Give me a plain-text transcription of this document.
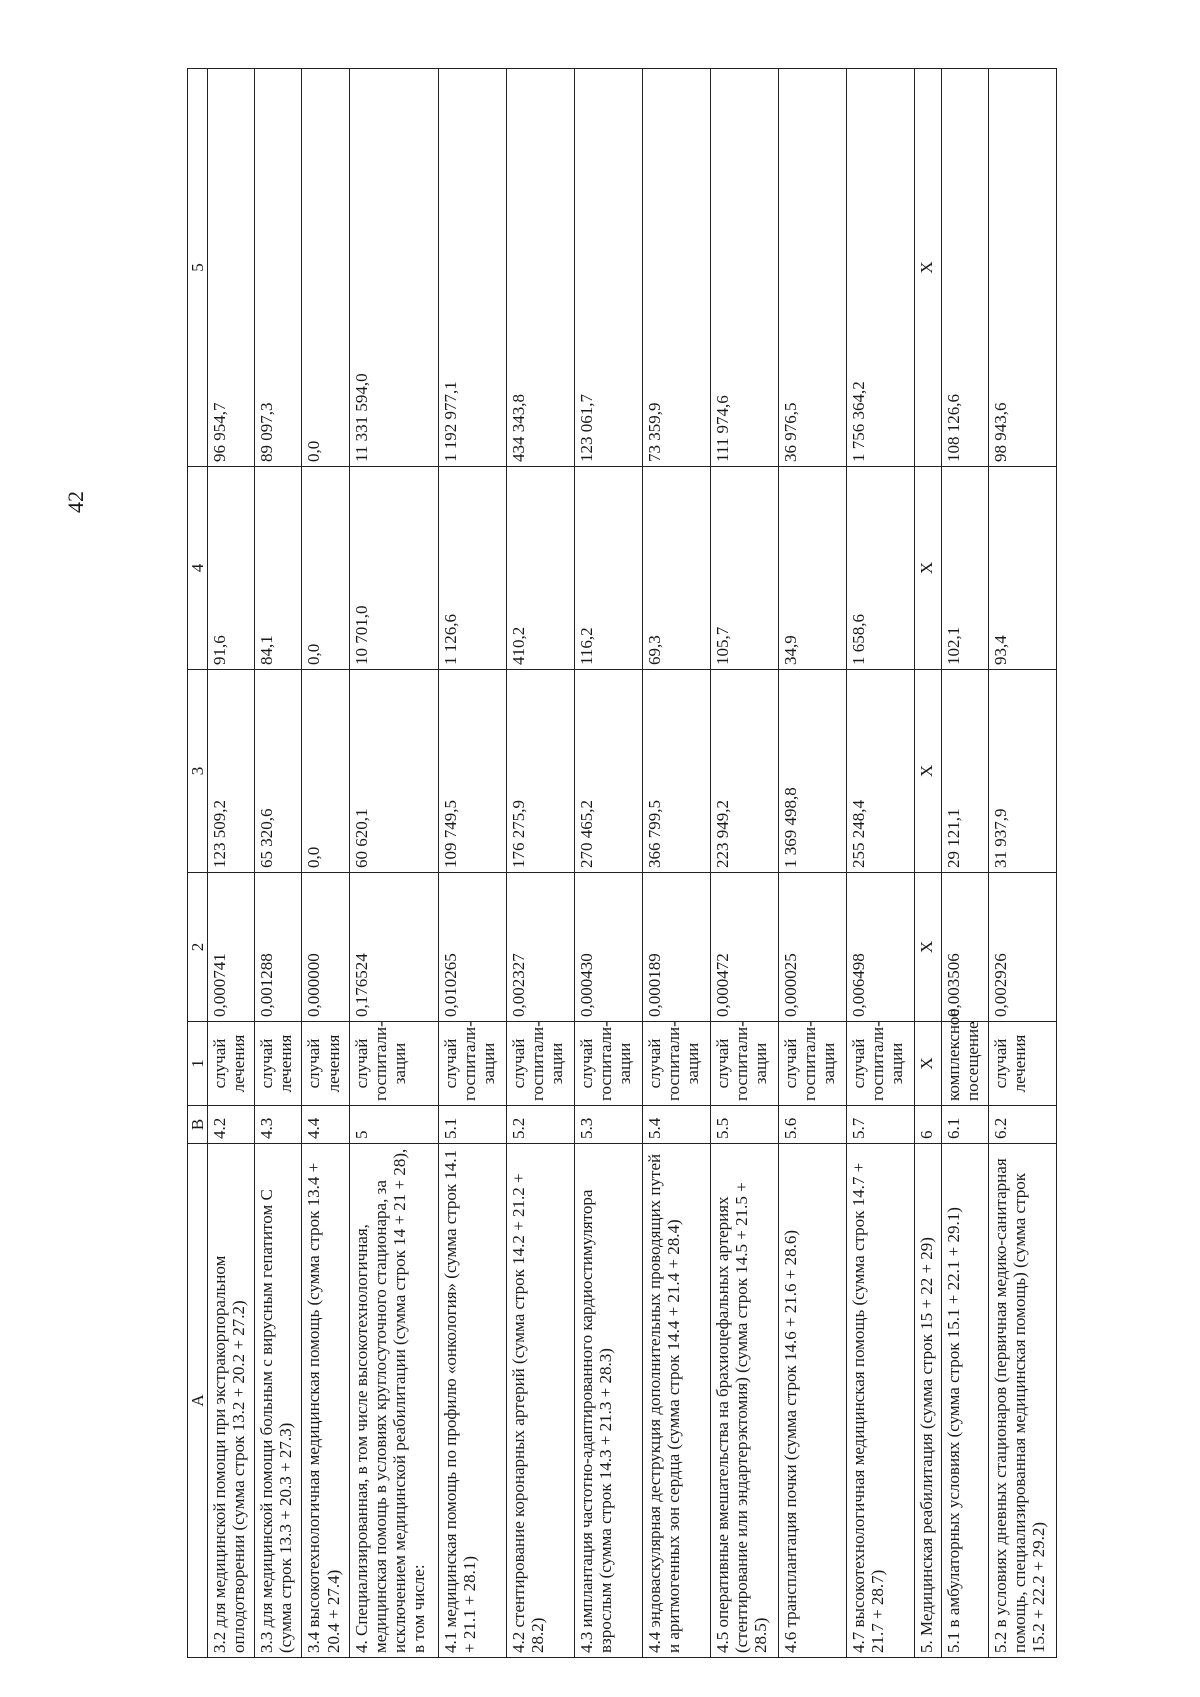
42
А	В	1	2	3	4	5
3.2 для медицинской помощи при экстракорпоральном оплодотворении (сумма строк 13.2 + 20.2 + 27.2)	4.2	случай лечения	0,000741	123 509,2	91,6	96 954,7
3.3 для медицинской помощи больным с вирусным гепатитом С (сумма строк 13.3 + 20.3 + 27.3)	4.3	случай лечения	0,001288	65 320,6	84,1	89 097,3
3.4 высокотехнологичная медицинская помощь (сумма строк 13.4 + 20.4 + 27.4)	4.4	случай лечения	0,000000	0,0	0,0	0,0
4. Специализированная, в том числе высокотехнологичная, медицинская помощь в условиях круглосуточного стационара, за исключением медицинской реабилитации (сумма строк 14 + 21 + 28), в том числе:	5	случай госпитали-зации	0,176524	60 620,1	10 701,0	11 331 594,0
4.1 медицинская помощь по профилю «онкология» (сумма строк 14.1 + 21.1 + 28.1)	5.1	случай госпитали-зации	0,010265	109 749,5	1 126,6	1 192 977,1
4.2 стентирование коронарных артерий (сумма строк 14.2 + 21.2 + 28.2)	5.2	случай госпитали-зации	0,002327	176 275,9	410,2	434 343,8
4.3 имплантация частотно-адаптированного кардиостимулятора взрослым (сумма строк 14.3 + 21.3 + 28.3)	5.3	случай госпитали-зации	0,000430	270 465,2	116,2	123 061,7
4.4 эндоваскулярная деструкция дополнительных проводящих путей и аритмогенных зон сердца (сумма строк 14.4 + 21.4 + 28.4)	5.4	случай госпитали-зации	0,000189	366 799,5	69,3	73 359,9
4.5 оперативные вмешательства на брахиоцефальных артериях (стентирование или эндартерэктомия) (сумма строк 14.5 + 21.5 + 28.5)	5.5	случай госпитали-зации	0,000472	223 949,2	105,7	111 974,6
4.6 трансплантация почки (сумма строк 14.6 + 21.6 + 28.6)	5.6	случай госпитали-зации	0,000025	1 369 498,8	34,9	36 976,5
4.7 высокотехнологичная медицинская помощь (сумма строк 14.7 + 21.7 + 28.7)	5.7	случай госпитали-зации	0,006498	255 248,4	1 658,6	1 756 364,2
5. Медицинская реабилитация (сумма строк 15 + 22 + 29)	6	Х	Х	Х	Х	Х
5.1 в амбулаторных условиях (сумма строк 15.1 + 22.1 + 29.1)	6.1	комплексное посещение	0,003506	29 121,1	102,1	108 126,6
5.2 в условиях дневных стационаров (первичная медико-санитарная помощь, специализированная медицинская помощь) (сумма строк 15.2 + 22.2 + 29.2)	6.2	случай лечения	0,002926	31 937,9	93,4	98 943,6
